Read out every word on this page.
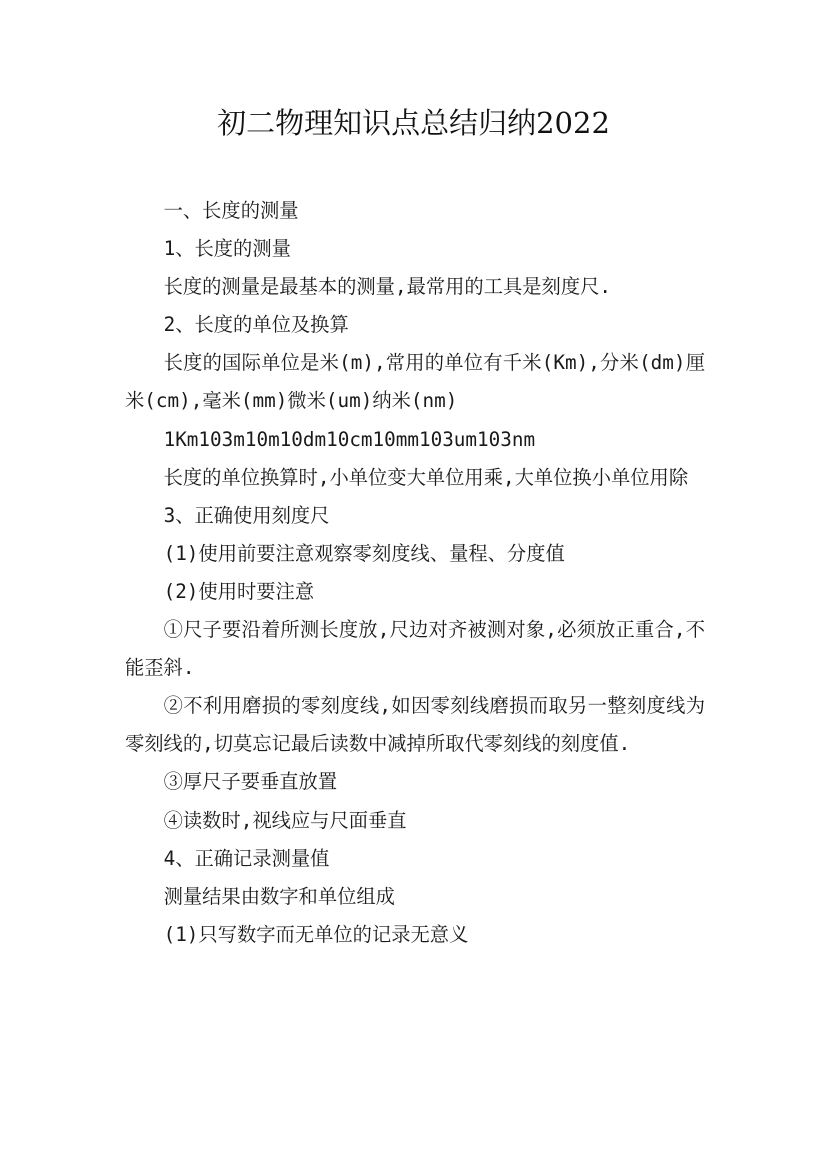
初二物理知识点总结归纳2022

一、长度的测量

1、长度的测量

长度的测量是最基本的测量,最常用的工具是刻度尺.

2、长度的单位及换算

长度的国际单位是米(m),常用的单位有千米(Km),分米(dm)厘米(cm),毫米(mm)微米(um)纳米(nm)

1Km103m10m10dm10cm10mm103um103nm

长度的单位换算时,小单位变大单位用乘,大单位换小单位用除

3、正确使用刻度尺

(1)使用前要注意观察零刻度线、量程、分度值

(2)使用时要注意

①尺子要沿着所测长度放,尺边对齐被测对象,必须放正重合,不能歪斜.

②不利用磨损的零刻度线,如因零刻线磨损而取另一整刻度线为零刻线的,切莫忘记最后读数中减掉所取代零刻线的刻度值.

③厚尺子要垂直放置

④读数时,视线应与尺面垂直

4、正确记录测量值

测量结果由数字和单位组成

(1)只写数字而无单位的记录无意义
